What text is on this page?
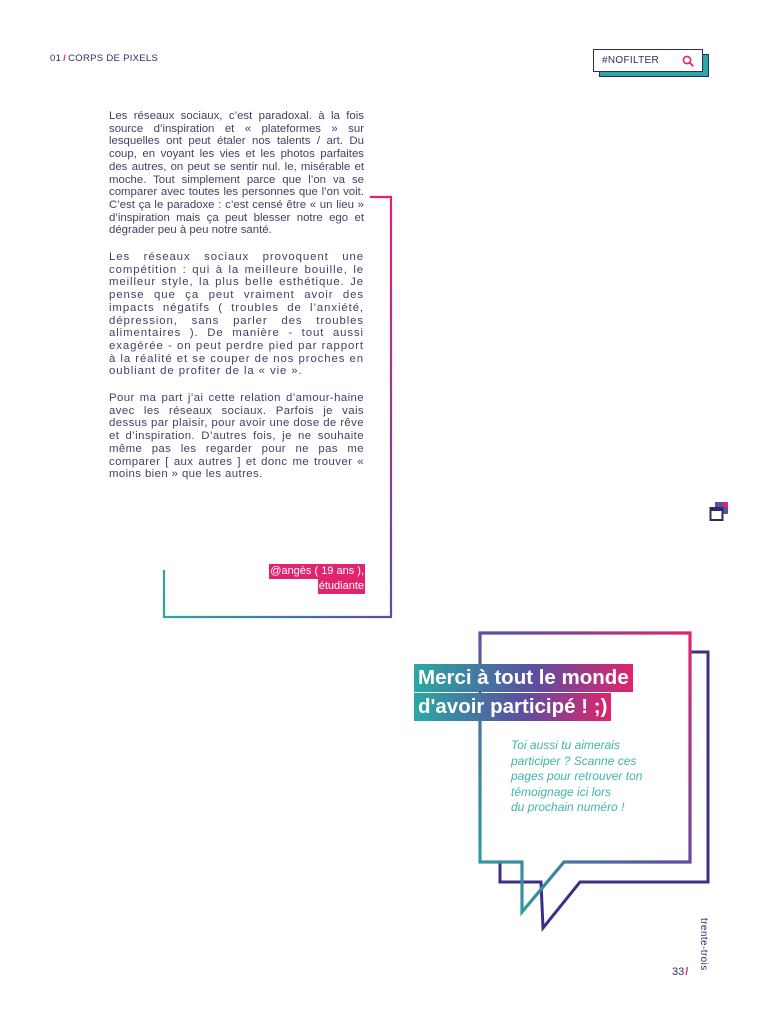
01 / CORPS DE PIXELS	#NOFILTER

Les réseaux sociaux, c’est paradoxal. à la fois source d’inspiration et « plateformes » sur lesquelles ont peut étaler nos talents / art. Du coup, en voyant les vies et les photos parfaites des autres, on peut se sentir nul. le, misérable et moche. Tout simplement parce que l’on va se comparer avec toutes les personnes que l’on voit. C’est ça le paradoxe : c’est censé être « un lieu » d’inspiration mais ça peut blesser notre ego et dégrader peu à peu notre santé.

Les réseaux sociaux provoquent une compétition : qui à la meilleure bouille, le meilleur style, la plus belle esthétique. Je pense que ça peut vraiment avoir des impacts négatifs ( troubles de l’anxiété, dépression, sans parler des troubles alimentaires ). De manière - tout aussi exagérée - on peut perdre pied par rapport à la réalité et se couper de nos proches en oubliant de profiter de la « vie ».

Pour ma part j’ai cette relation d’amour-haine avec les réseaux sociaux. Parfois je vais dessus par plaisir, pour avoir une dose de rêve et d’inspiration. D’autres fois, je ne souhaite même pas les regarder pour ne pas me comparer [ aux autres ] et donc me trouver « moins bien » que les autres.

@angès ( 19 ans ),
étudiante
Merci à tout le monde
d'avoir participé ! ;)
Toi aussi tu aimerais
participer ? Scanne ces
pages pour retrouver ton
témoignage ici lors
du prochain numéro !
trente-trois
33/
